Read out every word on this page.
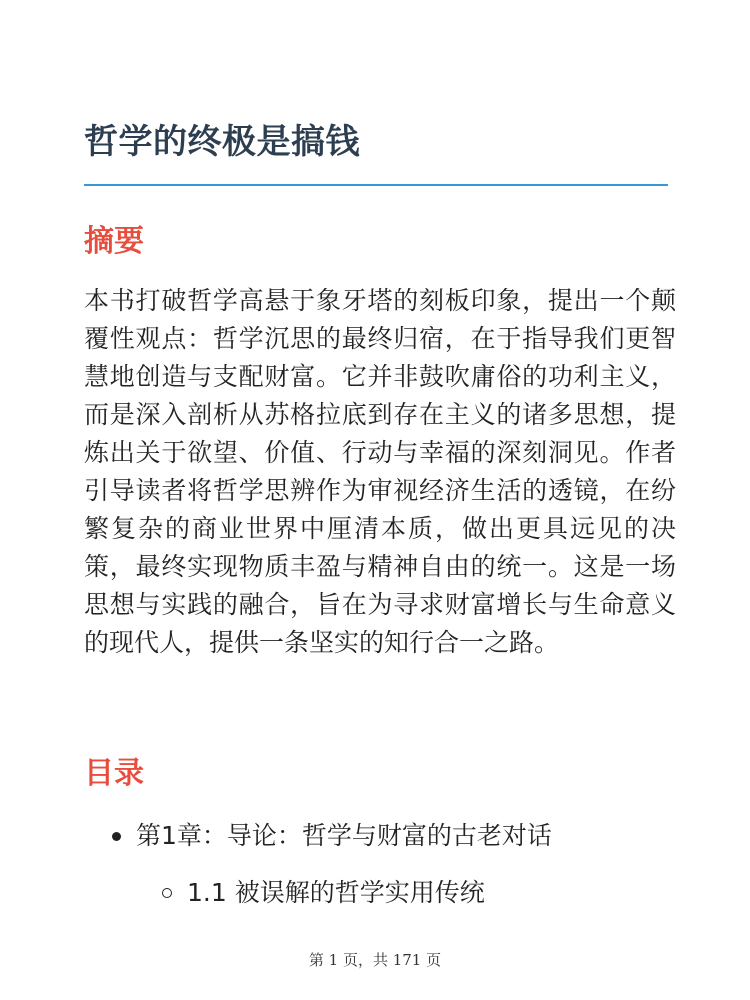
哲学的终极是搞钱
摘要

本书打破哲学高悬于象牙塔的刻板印象，提出一个颠覆性观点：哲学沉思的最终归宿，在于指导我们更智慧地创造与支配财富。它并非鼓吹庸俗的功利主义，而是深入剖析从苏格拉底到存在主义的诸多思想，提炼出关于欲望、价值、行动与幸福的深刻洞见。作者引导读者将哲学思辨作为审视经济生活的透镜，在纷繁复杂的商业世界中厘清本质，做出更具远见的决策，最终实现物质丰盈与精神自由的统一。这是一场思想与实践的融合，旨在为寻求财富增长与生命意义的现代人，提供一条坚实的知行合一之路。

目录
第1章：导论：哲学与财富的古老对话
1.1 被误解的哲学实用传统
第 1 页，共 171 页
